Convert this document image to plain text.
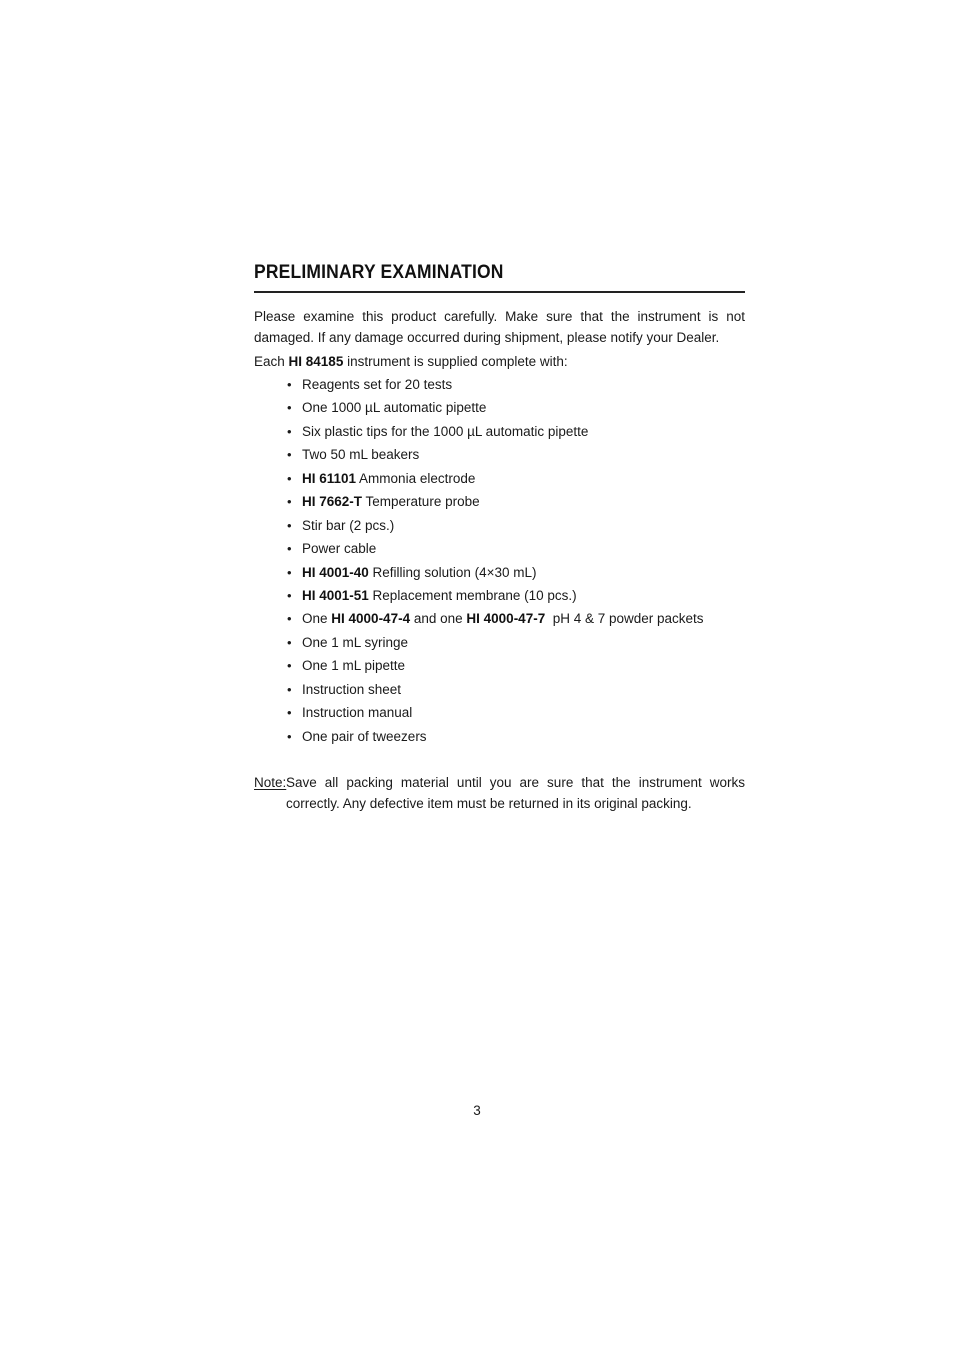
PRELIMINARY EXAMINATION
Please examine this product carefully. Make sure that the instrument is not damaged. If any damage occurred during shipment, please notify your Dealer.
Each HI 84185 instrument is supplied complete with:
• Reagents set for 20 tests
• One 1000 µL automatic pipette
• Six plastic tips for the 1000 µL automatic pipette
• Two 50 mL beakers
• HI 61101 Ammonia electrode
• HI 7662-T Temperature probe
• Stir bar (2 pcs.)
• Power cable
• HI 4001-40 Refilling solution (4×30 mL)
• HI 4001-51 Replacement membrane (10 pcs.)
• One HI 4000-47-4 and one HI 4000-47-7  pH 4 & 7 powder packets
• One 1 mL syringe
• One 1 mL pipette
• Instruction sheet
• Instruction manual
• One pair of tweezers
Note: Save all packing material until you are sure that the instrument works correctly. Any defective item must be returned in its original packing.
3
